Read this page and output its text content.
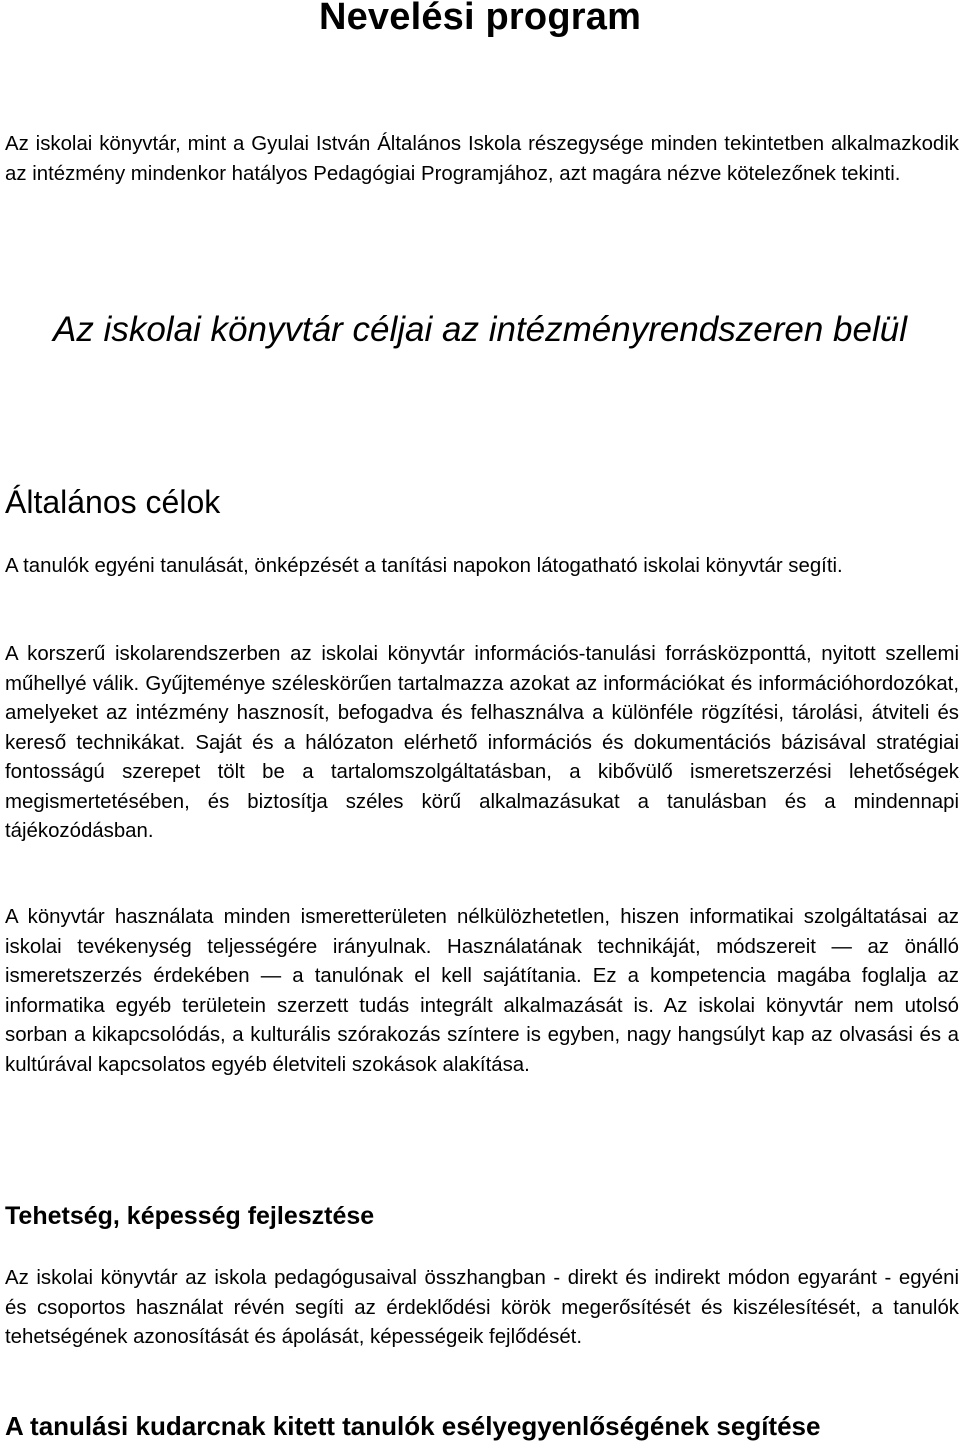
Nevelési program

Az iskolai könyvtár, mint a Gyulai István Általános Iskola részegysége minden tekintetben alkalmazkodik az intézmény mindenkor hatályos Pedagógiai Programjához, azt magára nézve kötelezőnek tekinti.

Az iskolai könyvtár céljai az intézményrendszeren belül
Általános célok

A tanulók egyéni tanulását, önképzését a tanítási napokon látogatható iskolai könyvtár segíti.

A korszerű iskolarendszerben az iskolai könyvtár információs-tanulási forrásközponttá, nyitott szellemi műhellyé válik. Gyűjteménye széleskörűen tartalmazza azokat az információkat és információhordozókat, amelyeket az intézmény hasznosít, befogadva és felhasználva a különféle rögzítési, tárolási, átviteli és kereső technikákat. Saját és a hálózaton elérhető információs és dokumentációs bázisával stratégiai fontosságú szerepet tölt be a tartalomszolgáltatásban, a kibővülő ismeretszerzési lehetőségek megismertetésében, és biztosítja széles körű alkalmazásukat a tanulásban és a mindennapi tájékozódásban.

A könyvtár használata minden ismeretterületen nélkülözhetetlen, hiszen informatikai szolgáltatásai az iskolai tevékenység teljességére irányulnak. Használatának technikáját, módszereit — az önálló ismeretszerzés érdekében — a tanulónak el kell sajátítania. Ez a kompetencia magába foglalja az informatika egyéb területein szerzett tudás integrált alkalmazását is. Az iskolai könyvtár nem utolsó sorban a kikapcsolódás, a kulturális szórakozás színtere is egyben, nagy hangsúlyt kap az olvasási és a kultúrával kapcsolatos egyéb életviteli szokások alakítása.

Tehetség, képesség fejlesztése

Az iskolai könyvtár az iskola pedagógusaival összhangban - direkt és indirekt módon egyaránt - egyéni és csoportos használat révén segíti az érdeklődési körök megerősítését és kiszélesítését, a tanulók tehetségének azonosítását és ápolását, képességeik fejlődését.

A tanulási kudarcnak kitett tanulók esélyegyenlőségének segítése
